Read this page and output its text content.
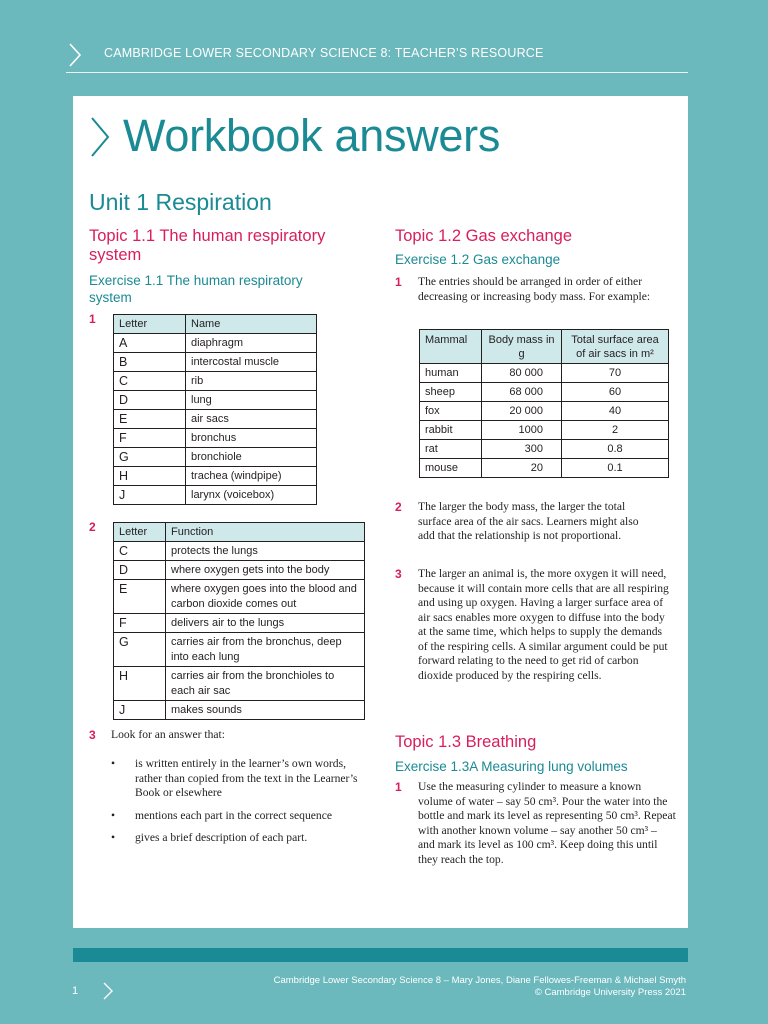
CAMBRIDGE LOWER SECONDARY SCIENCE 8: TEACHER’S RESOURCE
Workbook answers
Unit 1 Respiration
Topic 1.1 The human respiratory system
Exercise 1.1 The human respiratory system
1 Letter	Name
A	diaphragm
B	intercostal muscle
C	rib
D	lung
E	air sacs
F	bronchus
G	bronchiole
H	trachea (windpipe)
J	larynx (voicebox)
2 Letter	Function
C	protects the lungs
D	where oxygen gets into the body
E	where oxygen goes into the blood and carbon dioxide comes out
F	delivers air to the lungs
G	carries air from the bronchus, deep into each lung
H	carries air from the bronchioles to each air sac
J	makes sounds
3 Look for an answer that:
• is written entirely in the learner’s own words, rather than copied from the text in the Learner’s Book or elsewhere
• mentions each part in the correct sequence
• gives a brief description of each part.
Topic 1.2 Gas exchange
Exercise 1.2 Gas exchange
1 The entries should be arranged in order of either decreasing or increasing body mass. For example:
Mammal	Body mass in g	Total surface area of air sacs in m²
human	80 000	70
sheep	68 000	60
fox	20 000	40
rabbit	1000	2
rat	300	0.8
mouse	20	0.1
2 The larger the body mass, the larger the total surface area of the air sacs. Learners might also add that the relationship is not proportional.
3 The larger an animal is, the more oxygen it will need, because it will contain more cells that are all respiring and using up oxygen. Having a larger surface area of air sacs enables more oxygen to diffuse into the body at the same time, which helps to supply the demands of the respiring cells. A similar argument could be put forward relating to the need to get rid of carbon dioxide produced by the respiring cells.
Topic 1.3 Breathing
Exercise 1.3A Measuring lung volumes
1 Use the measuring cylinder to measure a known volume of water – say 50 cm³. Pour the water into the bottle and mark its level as representing 50 cm³. Repeat with another known volume – say another 50 cm³ – and mark its level as 100 cm³. Keep doing this until they reach the top.
1
Cambridge Lower Secondary Science 8 – Mary Jones, Diane Fellowes-Freeman & Michael Smyth
© Cambridge University Press 2021
